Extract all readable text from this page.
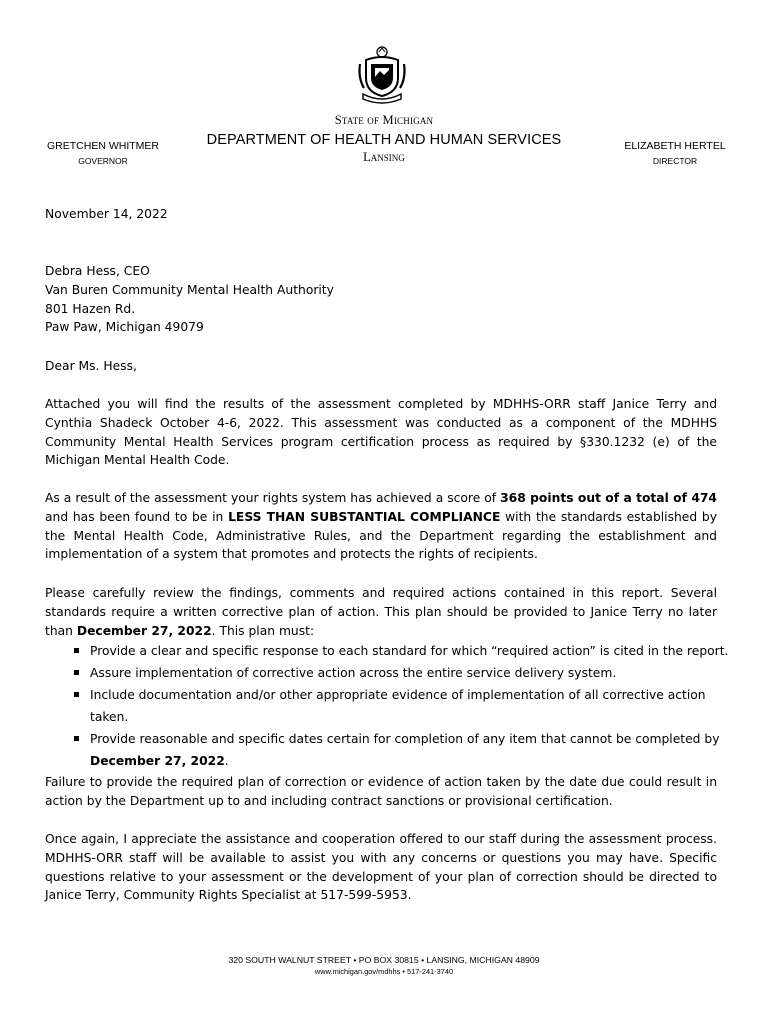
State of Michigan
DEPARTMENT OF HEALTH AND HUMAN SERVICES
Lansing
GRETCHEN WHITMER
GOVERNOR
ELIZABETH HERTEL
DIRECTOR
November 14, 2022
Debra Hess, CEO
Van Buren Community Mental Health Authority
801 Hazen Rd.
Paw Paw, Michigan 49079
Dear Ms. Hess,
Attached you will find the results of the assessment completed by MDHHS-ORR staff Janice Terry and Cynthia Shadeck October 4-6, 2022. This assessment was conducted as a component of the MDHHS Community Mental Health Services program certification process as required by §330.1232 (e) of the Michigan Mental Health Code.
As a result of the assessment your rights system has achieved a score of 368 points out of a total of 474 and has been found to be in LESS THAN SUBSTANTIAL COMPLIANCE with the standards established by the Mental Health Code, Administrative Rules, and the Department regarding the establishment and implementation of a system that promotes and protects the rights of recipients.
Please carefully review the findings, comments and required actions contained in this report. Several standards require a written corrective plan of action. This plan should be provided to Janice Terry no later than December 27, 2022. This plan must:
Provide a clear and specific response to each standard for which “required action” is cited in the report.
Assure implementation of corrective action across the entire service delivery system.
Include documentation and/or other appropriate evidence of implementation of all corrective action
taken.
Provide reasonable and specific dates certain for completion of any item that cannot be completed by
December 27, 2022.
Failure to provide the required plan of correction or evidence of action taken by the date due could result in action by the Department up to and including contract sanctions or provisional certification.
Once again, I appreciate the assistance and cooperation offered to our staff during the assessment process. MDHHS-ORR staff will be available to assist you with any concerns or questions you may have. Specific questions relative to your assessment or the development of your plan of correction should be directed to Janice Terry, Community Rights Specialist at 517-599-5953.
320 SOUTH WALNUT STREET • PO BOX 30815 • LANSING, MICHIGAN 48909
www.michigan.gov/mdhhs • 517-241-3740
